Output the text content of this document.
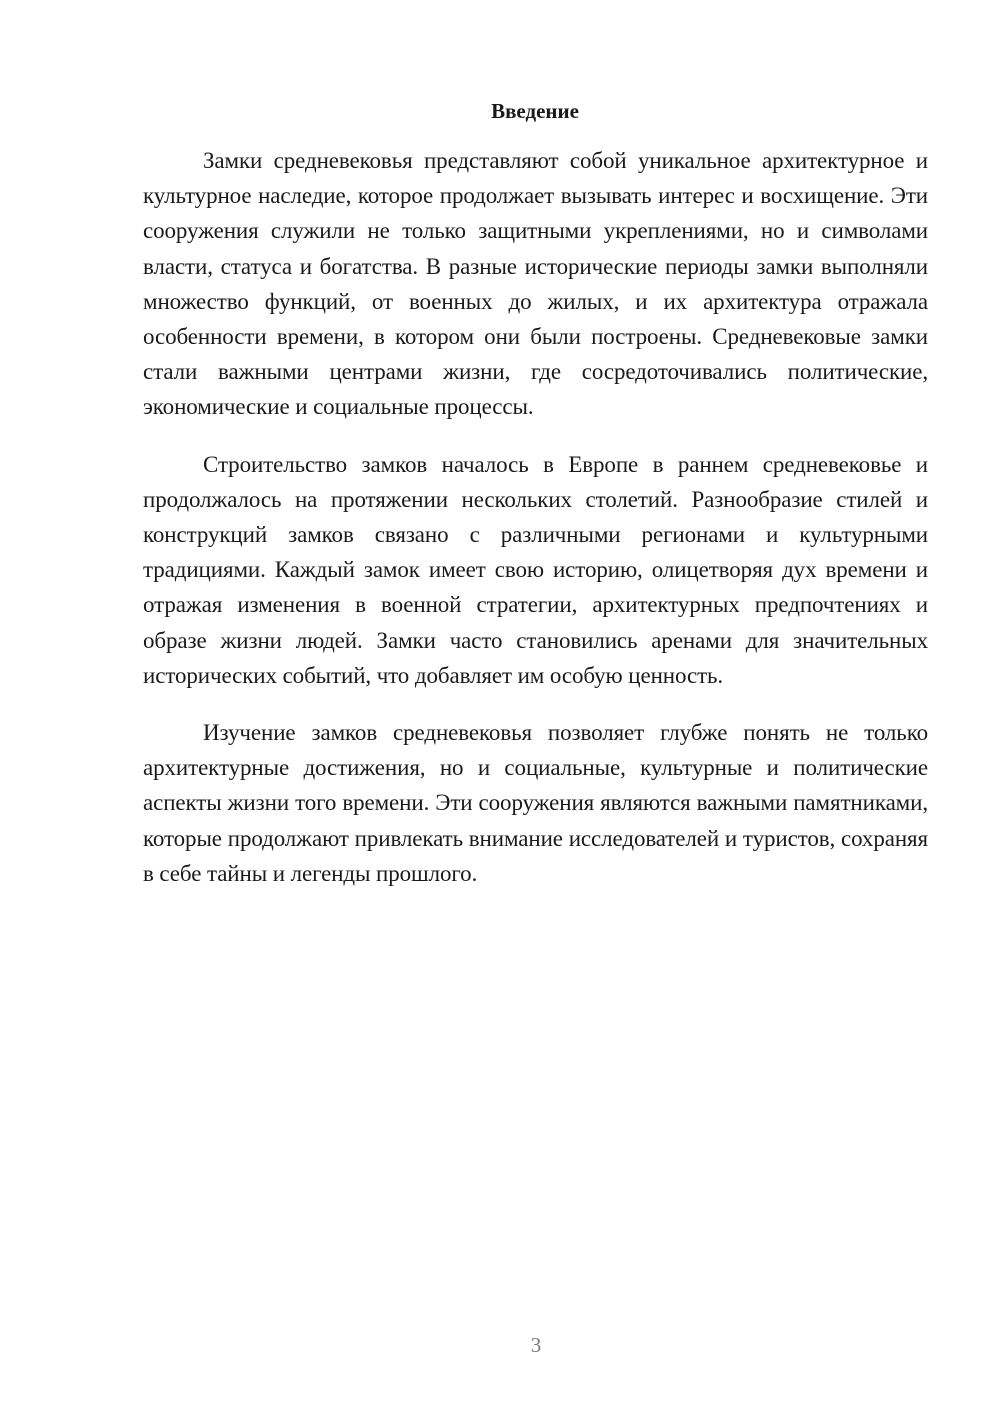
Введение

Замки средневековья представляют собой уникальное архитектурное и культурное наследие, которое продолжает вызывать интерес и восхищение. Эти сооружения служили не только защитными укреплениями, но и символами власти, статуса и богатства. В разные исторические периоды замки выполняли множество функций, от военных до жилых, и их архитектура отражала особенности времени, в котором они были построены. Средневековые замки стали важными центрами жизни, где сосредоточивались политические, экономические и социальные процессы.

Строительство замков началось в Европе в раннем средневековье и продолжалось на протяжении нескольких столетий. Разнообразие стилей и конструкций замков связано с различными регионами и культурными традициями. Каждый замок имеет свою историю, олицетворяя дух времени и отражая изменения в военной стратегии, архитектурных предпочтениях и образе жизни людей. Замки часто становились аренами для значительных исторических событий, что добавляет им особую ценность.

Изучение замков средневековья позволяет глубже понять не только архитектурные достижения, но и социальные, культурные и политические аспекты жизни того времени. Эти сооружения являются важными памятниками, которые продолжают привлекать внимание исследователей и туристов, сохраняя в себе тайны и легенды прошлого.

3
